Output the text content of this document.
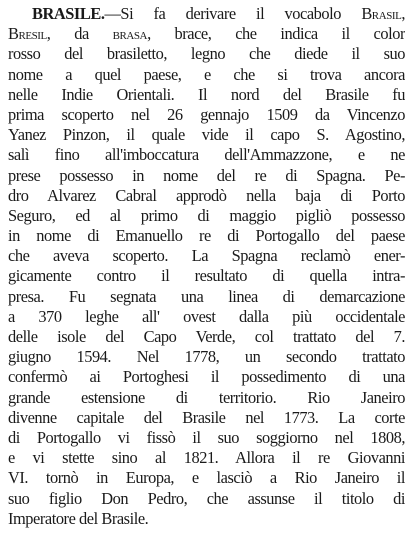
BRASILE.—Si fa derivare il vocabolo Brasil,
Bresil, da brasa, brace, che indica il color
rosso del brasiletto, legno che diede il suo
nome a quel paese, e che si trova ancora
nelle Indie Orientali. Il nord del Brasile fu
prima scoperto nel 26 gennajo 1509 da Vincenzo
Yanez Pinzon, il quale vide il capo S. Agostino,
salì fino all'imboccatura dell'Ammazzone, e ne
prese possesso in nome del re di Spagna. Pe-
dro Alvarez Cabral approdò nella baja di Porto
Seguro, ed al primo di maggio pigliò possesso
in nome di Emanuello re di Portogallo del paese
che aveva scoperto. La Spagna reclamò ener-
gicamente contro il resultato di quella intra-
presa. Fu segnata una linea di demarcazione
a 370 leghe all' ovest dalla più occidentale
delle isole del Capo Verde, col trattato del 7.
giugno 1594. Nel 1778, un secondo trattato
confermò ai Portoghesi il possedimento di una
grande estensione di territorio. Rio Janeiro
divenne capitale del Brasile nel 1773. La corte
di Portogallo vi fissò il suo soggiorno nel 1808,
e vi stette sino al 1821. Allora il re Giovanni
VI. tornò in Europa, e lasciò a Rio Janeiro il
suo figlio Don Pedro, che assunse il titolo di
Imperatore del Brasile.
